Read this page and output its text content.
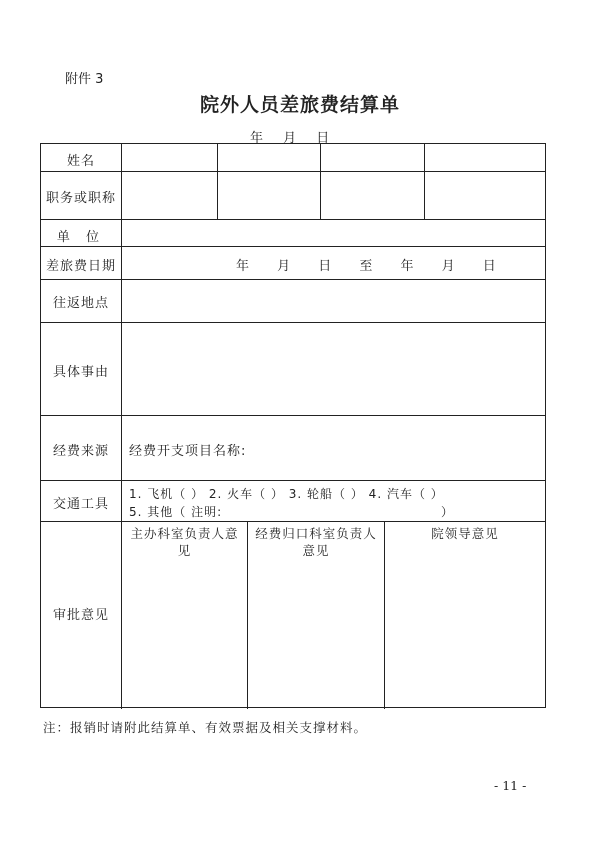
附件 3
院外人员差旅费结算单
年 月 日
姓名
职务或职称
单 位
差旅费日期
往返地点
具体事由
经费来源
交通工具
审批意见
年 月 日 至 年 月 日
经费开支项目名称:
1. 飞机（ ） 2. 火车（ ） 3. 轮船（ ） 4. 汽车（ ）
5. 其他（ 注明:	）
主办科室负责人意
见
经费归口科室负责人
意见
院领导意见
注：报销时请附此结算单、有效票据及相关支撑材料。
- 11 -
